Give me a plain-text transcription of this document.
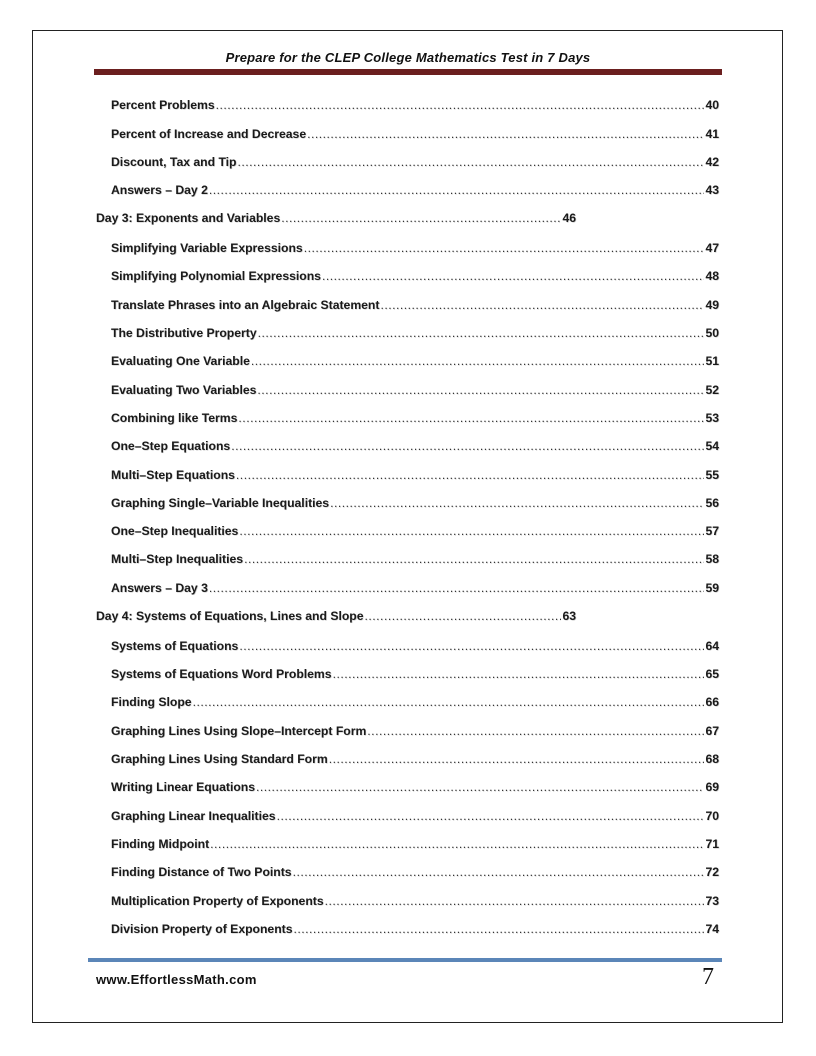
Prepare for the CLEP College Mathematics Test in 7 Days
Percent Problems .....	40
Percent of Increase and Decrease .....	41
Discount, Tax and Tip .....	42
Answers – Day 2 .....	43
Day 3: Exponents and Variables .....	46
Simplifying Variable Expressions .....	47
Simplifying Polynomial Expressions .....	48
Translate Phrases into an Algebraic Statement .....	49
The Distributive Property .....	50
Evaluating One Variable .....	51
Evaluating Two Variables .....	52
Combining like Terms .....	53
One–Step Equations .....	54
Multi–Step Equations .....	55
Graphing Single–Variable Inequalities .....	56
One–Step Inequalities .....	57
Multi–Step Inequalities .....	58
Answers – Day 3 .....	59
Day 4: Systems of Equations, Lines and Slope .....	63
Systems of Equations .....	64
Systems of Equations Word Problems .....	65
Finding Slope .....	66
Graphing Lines Using Slope–Intercept Form .....	67
Graphing Lines Using Standard Form .....	68
Writing Linear Equations .....	69
Graphing Linear Inequalities .....	70
Finding Midpoint .....	71
Finding Distance of Two Points .....	72
Multiplication Property of Exponents .....	73
Division Property of Exponents .....	74
www.EffortlessMath.com	7
